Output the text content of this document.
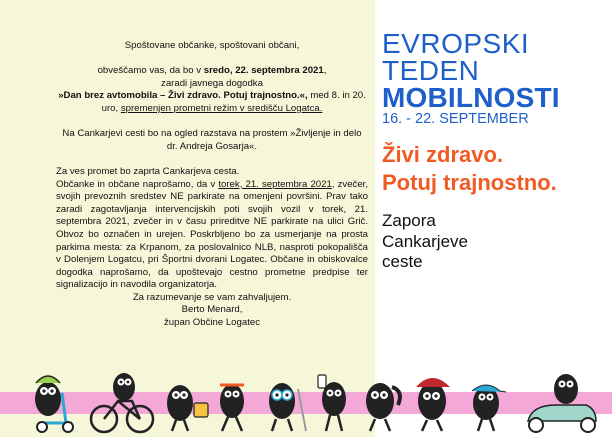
Spoštovane občanke, spoštovani občani,

obveščamo vas, da bo v sredo, 22. septembra 2021,

zaradi javnega dogodka

»Dan brez avtomobila – Živi zdravo. Potuj trajnostno.«, med 8. in 20. uro, spremenjen prometni režim v središču Logatca.

Na Cankarjevi cesti bo na ogled razstava na prostem »Življenje in delo dr. Andreja Gosarja«.

Za ves promet bo zaprta Cankarjeva cesta.

Občanke in občane naprošamo, da v torek, 21. septembra 2021, zvečer, svojih prevoznih sredstev NE parkirate na omenjeni površini. Prav tako zaradi zagotavljanja intervencijskih poti svojih vozil v torek, 21. septembra 2021, zvečer in v času prireditve NE parkirate na ulici Grič. Obvoz bo označen in urejen. Poskrbljeno bo za usmerjanje na prosta parkima mesta: za Krpanom, za poslovalnico NLB, nasproti pokopališča v Dolenjem Logatcu, pri Športni dvorani Logatec. Občane in obiskovalce dogodka naprošamo, da upoštevajo cestno prometne predpise ter signalizacijo in navodila organizatorja.

Za razumevanje se vam zahvaljujem.

Berto Menard,

župan Občine Logatec

EVROPSKI
TEDEN
MOBILNOSTI
16. - 22. SEPTEMBER
Živi zdravo.
Potuj trajnostno.
Zapora
Cankarjeve
ceste
